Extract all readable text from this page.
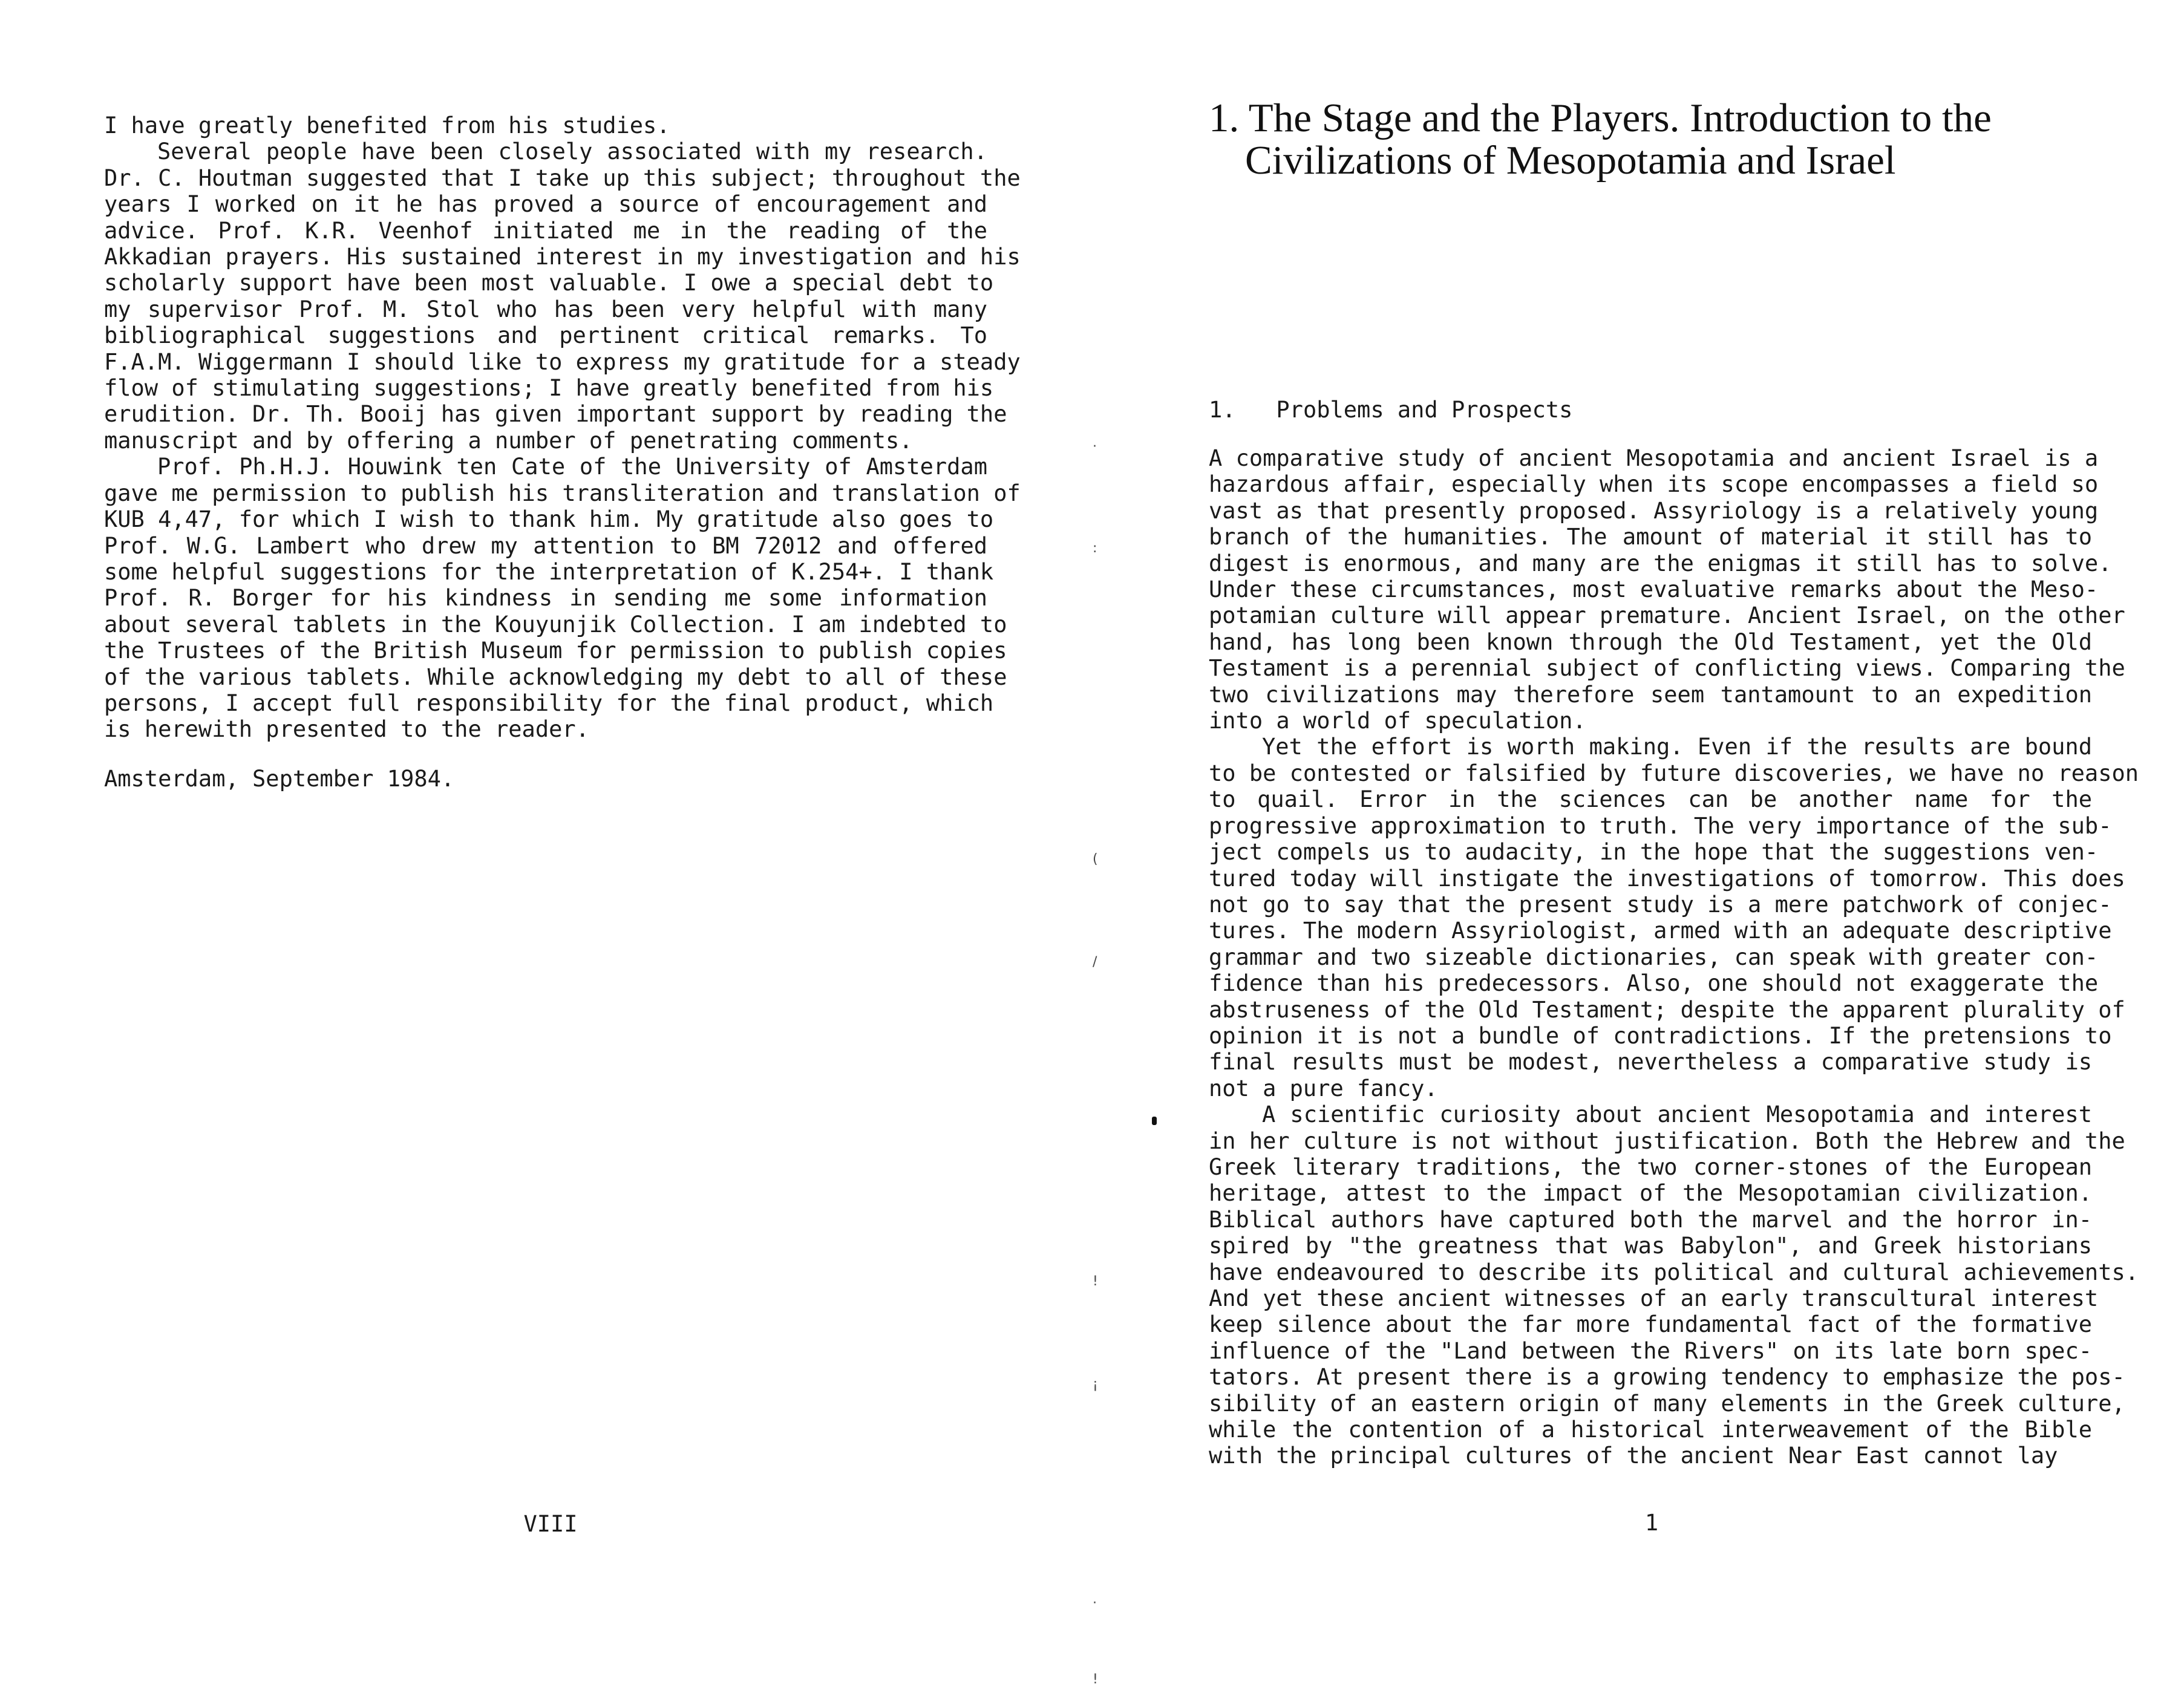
I have greatly benefited from his studies.
Several people have been closely associated with my research.
Dr. C. Houtman suggested that I take up this subject; throughout the
years I worked on it he has proved a source of encouragement and
advice. Prof. K.R. Veenhof initiated me in the reading of the
Akkadian prayers. His sustained interest in my investigation and his
scholarly support have been most valuable. I owe a special debt to
my supervisor Prof. M. Stol who has been very helpful with many
bibliographical suggestions and pertinent critical remarks. To
F.A.M. Wiggermann I should like to express my gratitude for a steady
flow of stimulating suggestions; I have greatly benefited from his
erudition. Dr. Th. Booij has given important support by reading the
manuscript and by offering a number of penetrating comments.
Prof. Ph.H.J. Houwink ten Cate of the University of Amsterdam
gave me permission to publish his transliteration and translation of
KUB 4,47, for which I wish to thank him. My gratitude also goes to
Prof. W.G. Lambert who drew my attention to BM 72012 and offered
some helpful suggestions for the interpretation of K.254+. I thank
Prof. R. Borger for his kindness in sending me some information
about several tablets in the Kouyunjik Collection. I am indebted to
the Trustees of the British Museum for permission to publish copies
of the various tablets. While acknowledging my debt to all of these
persons, I accept full responsibility for the final product, which
is herewith presented to the reader.
Amsterdam, September 1984.
VIII
·
:
(
/
!
¡
·
!
1. The Stage and the Players. Introduction to the
Civilizations of Mesopotamia and Israel
1. Problems and Prospects
A comparative study of ancient Mesopotamia and ancient Israel is a
hazardous affair, especially when its scope encompasses a field so
vast as that presently proposed. Assyriology is a relatively young
branch of the humanities. The amount of material it still has to
digest is enormous, and many are the enigmas it still has to solve.
Under these circumstances, most evaluative remarks about the Meso-
potamian culture will appear premature. Ancient Israel, on the other
hand, has long been known through the Old Testament, yet the Old
Testament is a perennial subject of conflicting views. Comparing the
two civilizations may therefore seem tantamount to an expedition
into a world of speculation.
Yet the effort is worth making. Even if the results are bound
to be contested or falsified by future discoveries, we have no reason
to quail. Error in the sciences can be another name for the
progressive approximation to truth. The very importance of the sub-
ject compels us to audacity, in the hope that the suggestions ven-
tured today will instigate the investigations of tomorrow. This does
not go to say that the present study is a mere patchwork of conjec-
tures. The modern Assyriologist, armed with an adequate descriptive
grammar and two sizeable dictionaries, can speak with greater con-
fidence than his predecessors. Also, one should not exaggerate the
abstruseness of the Old Testament; despite the apparent plurality of
opinion it is not a bundle of contradictions. If the pretensions to
final results must be modest, nevertheless a comparative study is
not a pure fancy.
A scientific curiosity about ancient Mesopotamia and interest
in her culture is not without justification. Both the Hebrew and the
Greek literary traditions, the two corner-stones of the European
heritage, attest to the impact of the Mesopotamian civilization.
Biblical authors have captured both the marvel and the horror in-
spired by "the greatness that was Babylon", and Greek historians
have endeavoured to describe its political and cultural achievements.
And yet these ancient witnesses of an early transcultural interest
keep silence about the far more fundamental fact of the formative
influence of the "Land between the Rivers" on its late born spec-
tators. At present there is a growing tendency to emphasize the pos-
sibility of an eastern origin of many elements in the Greek culture,
while the contention of a historical interweavement of the Bible
with the principal cultures of the ancient Near East cannot lay
1
